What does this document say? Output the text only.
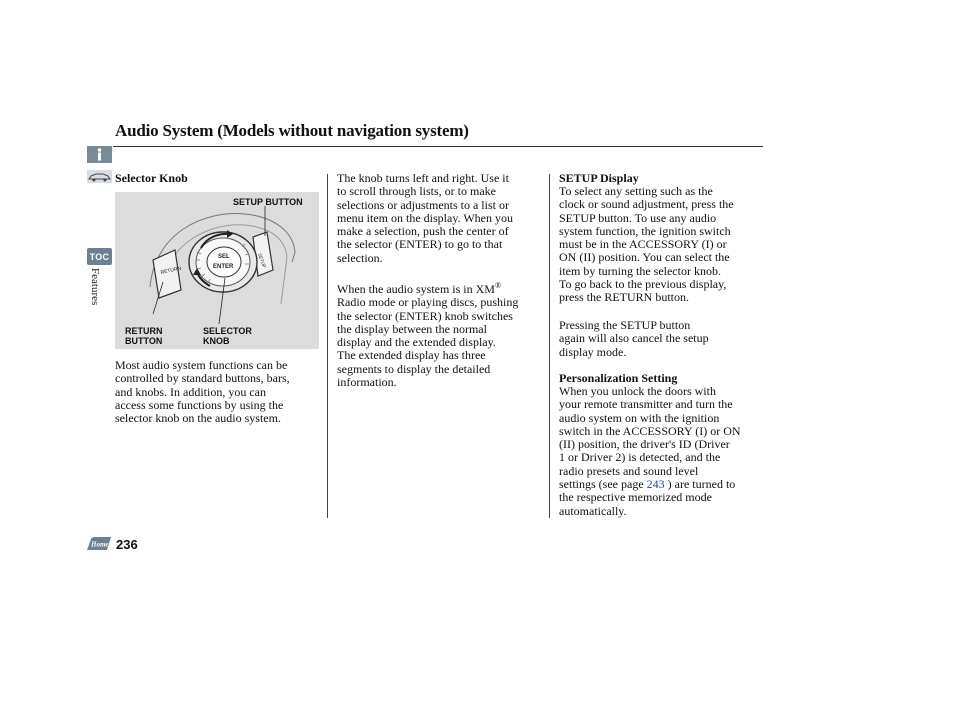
Audio System (Models without navigation system)
TOC
Features
Selector Knob
RETURN
SETUP
SEL
ENTER
SETUP BUTTON
RETURN
BUTTON
SELECTOR
KNOB

Most audio system functions can be
controlled by standard buttons, bars,
and knobs. In addition, you can
access some functions by using the
selector knob on the audio system.

The knob turns left and right. Use it
to scroll through lists, or to make
selections or adjustments to a list or
menu item on the display. When you
make a selection, push the center of
the selector (ENTER) to go to that
selection.

When the audio system is in XM®
Radio mode or playing discs, pushing
the selector (ENTER) knob switches
the display between the normal
display and the extended display.
The extended display has three
segments to display the detailed
information.

SETUP Display

To select any setting such as the
clock or sound adjustment, press the
SETUP button. To use any audio
system function, the ignition switch
must be in the ACCESSORY (I) or
ON (II) position. You can select the
item by turning the selector knob.
To go back to the previous display,
press the RETURN button.

Pressing the SETUP button
again will also cancel the setup
display mode.

Personalization Setting

When you unlock the doors with
your remote transmitter and turn the
audio system on with the ignition
switch in the ACCESSORY (I) or ON
(II) position, the driver's ID (Driver
1 or Driver 2) is detected, and the
radio presets and sound level
settings (see page 243 ) are turned to
the respective memorized mode
automatically.

Home 236
